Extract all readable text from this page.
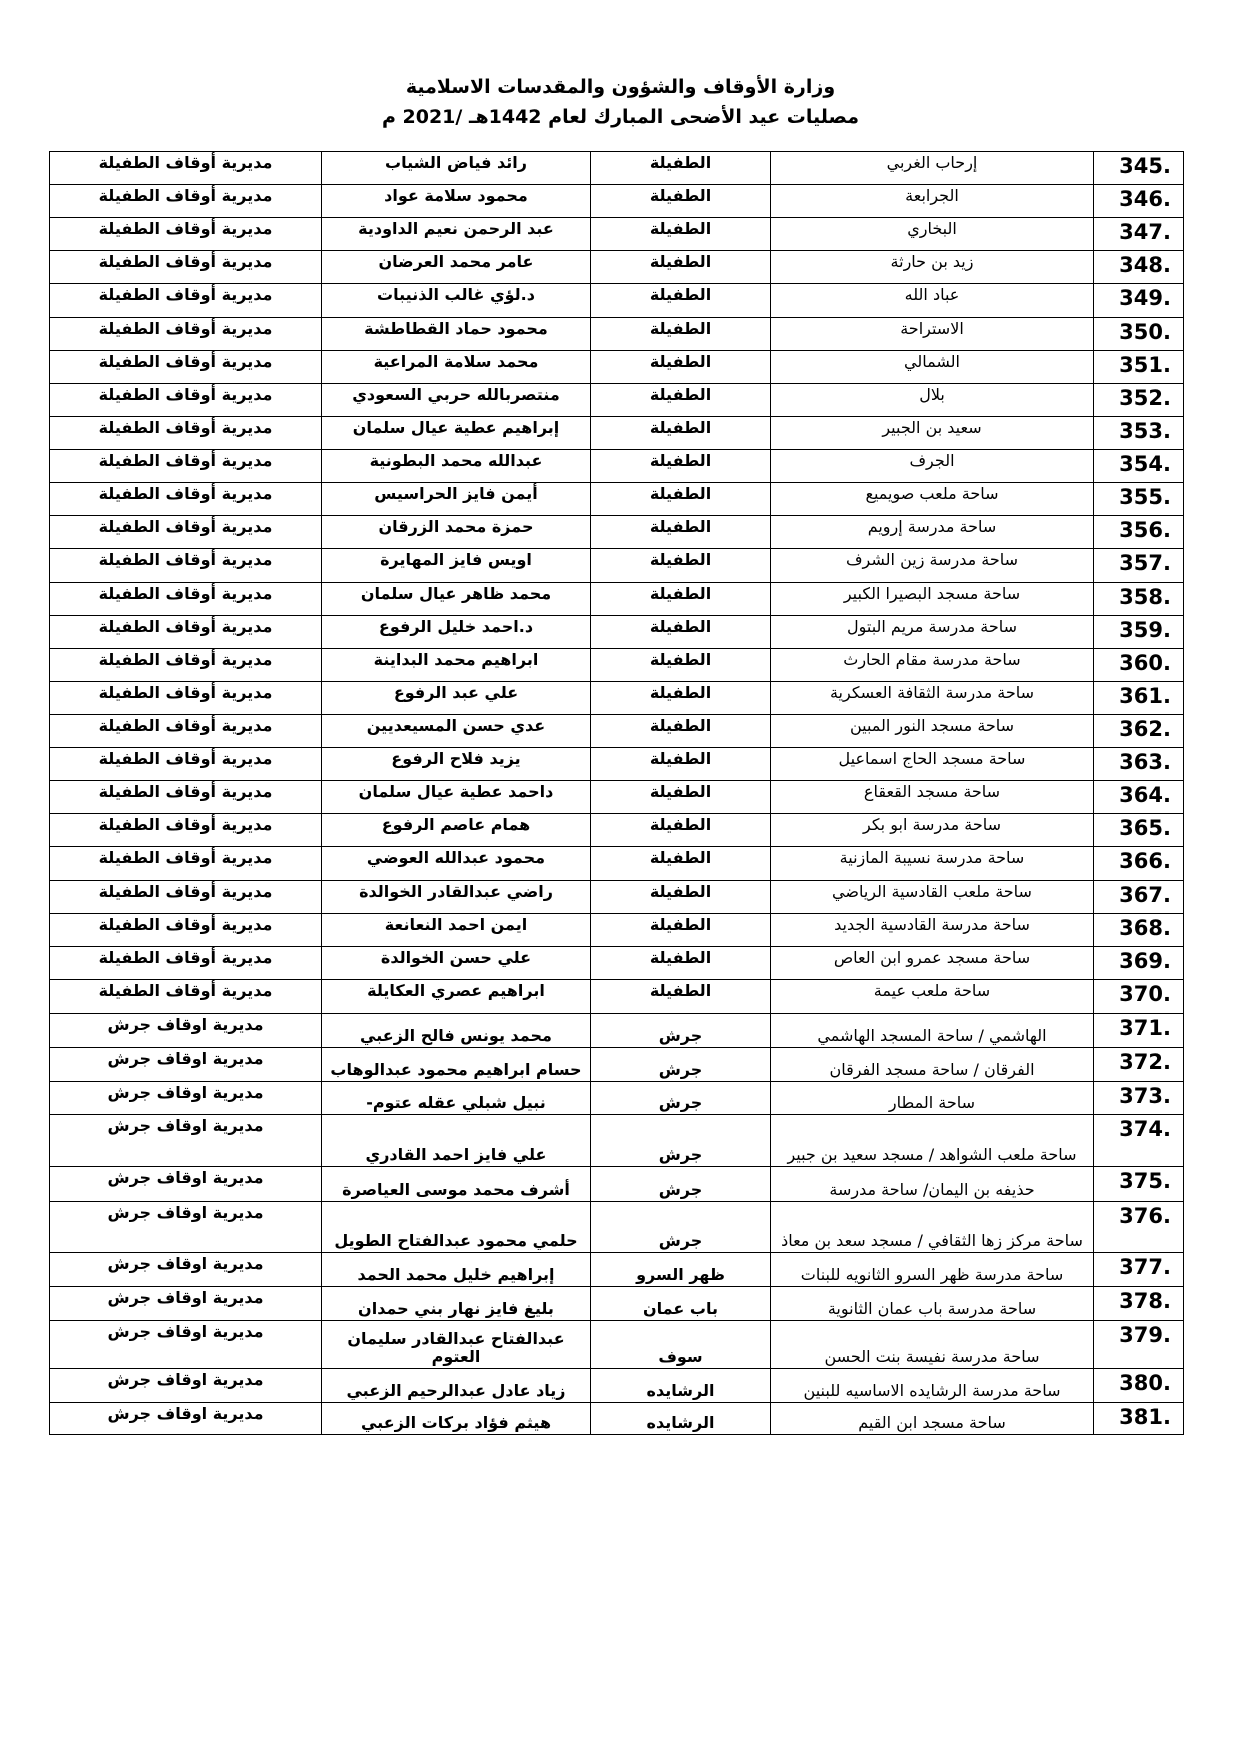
وزارة الأوقاف والشؤون والمقدسات الاسلامية
مصليات عيد الأضحى المبارك لعام 1442هـ /2021 م
345.	إرحاب الغربي	الطفيلة	رائد فياض الشياب	مديرية أوقاف الطفيلة
346.	الجرابعة	الطفيلة	محمود سلامة عواد	مديرية أوقاف الطفيلة
347.	البخاري	الطفيلة	عبد الرحمن نعيم الداودية	مديرية أوقاف الطفيلة
348.	زيد بن حارثة	الطفيلة	عامر محمد العرضان	مديرية أوقاف الطفيلة
349.	عباد الله	الطفيلة	د.لؤي غالب الذنيبات	مديرية أوقاف الطفيلة
350.	الاستراحة	الطفيلة	محمود حماد القطاطشة	مديرية أوقاف الطفيلة
351.	الشمالي	الطفيلة	محمد سلامة المراعية	مديرية أوقاف الطفيلة
352.	بلال	الطفيلة	منتصربالله حربي السعودي	مديرية أوقاف الطفيلة
353.	سعيد بن الجبير	الطفيلة	إبراهيم عطية عيال سلمان	مديرية أوقاف الطفيلة
354.	الجرف	الطفيلة	عبدالله محمد البطونية	مديرية أوقاف الطفيلة
355.	ساحة ملعب صويميع	الطفيلة	أيمن فايز الحراسيس	مديرية أوقاف الطفيلة
356.	ساحة مدرسة إرويم	الطفيلة	حمزة محمد الزرقان	مديرية أوقاف الطفيلة
357.	ساحة مدرسة زين الشرف	الطفيلة	اويس فايز المهايرة	مديرية أوقاف الطفيلة
358.	ساحة مسجد البصيرا الكبير	الطفيلة	محمد ظاهر عيال سلمان	مديرية أوقاف الطفيلة
359.	ساحة مدرسة مريم البتول	الطفيلة	د.احمد خليل الرفوع	مديرية أوقاف الطفيلة
360.	ساحة مدرسة مقام الحارث	الطفيلة	ابراهيم محمد البداينة	مديرية أوقاف الطفيلة
361.	ساحة مدرسة الثقافة العسكرية	الطفيلة	علي عبد الرفوع	مديرية أوقاف الطفيلة
362.	ساحة مسجد النور المبين	الطفيلة	عدي حسن المسيعديين	مديرية أوقاف الطفيلة
363.	ساحة مسجد الحاج اسماعيل	الطفيلة	يزيد فلاح الرفوع	مديرية أوقاف الطفيلة
364.	ساحة مسجد القعقاع	الطفيلة	داحمد عطية عيال سلمان	مديرية أوقاف الطفيلة
365.	ساحة مدرسة ابو بكر	الطفيلة	همام عاصم الرفوع	مديرية أوقاف الطفيلة
366.	ساحة مدرسة نسيبة المازنية	الطفيلة	محمود عبدالله العوضي	مديرية أوقاف الطفيلة
367.	ساحة ملعب القادسية الرياضي	الطفيلة	راضي عبدالقادر الخوالدة	مديرية أوقاف الطفيلة
368.	ساحة مدرسة القادسية الجديد	الطفيلة	ايمن احمد النعانعة	مديرية أوقاف الطفيلة
369.	ساحة مسجد عمرو ابن العاص	الطفيلة	علي حسن الخوالدة	مديرية أوقاف الطفيلة
370.	ساحة ملعب عيمة	الطفيلة	ابراهيم عصري العكايلة	مديرية أوقاف الطفيلة
371.	الهاشمي / ساحة المسجد الهاشمي	جرش	محمد يونس فالح الزعبي	مديرية اوقاف جرش
372.	الفرقان / ساحة مسجد الفرقان	جرش	حسام ابراهيم محمود عبدالوهاب	مديرية اوقاف جرش
373.	ساحة المطار	جرش	نبيل شبلي عقله عتوم-	مديرية اوقاف جرش
374.	ساحة ملعب الشواهد / مسجد سعيد بن جبير	جرش	علي فايز احمد القادري	مديرية اوقاف جرش
375.	حذيفه بن اليمان/ ساحة مدرسة	جرش	أشرف محمد موسى العياصرة	مديرية اوقاف جرش
376.	ساحة مركز زها الثقافي / مسجد سعد بن معاذ	جرش	حلمي محمود عبدالفتاح الطويل	مديرية اوقاف جرش
377.	ساحة مدرسة ظهر السرو الثانويه للبنات	ظهر السرو	إبراهيم خليل محمد الحمد	مديرية اوقاف جرش
378.	ساحة مدرسة باب عمان الثانوية	باب عمان	بليغ فايز نهار بني حمدان	مديرية اوقاف جرش
379.	ساحة مدرسة نفيسة بنت الحسن	سوف	عبدالفتاح عبدالقادر سليمان العتوم	مديرية اوقاف جرش
380.	ساحة مدرسة الرشايده الاساسيه للبنين	الرشايده	زياد عادل عبدالرحيم الزعبي	مديرية اوقاف جرش
381.	ساحة مسجد ابن القيم	الرشايده	هيثم فؤاد بركات الزعبي	مديرية اوقاف جرش
